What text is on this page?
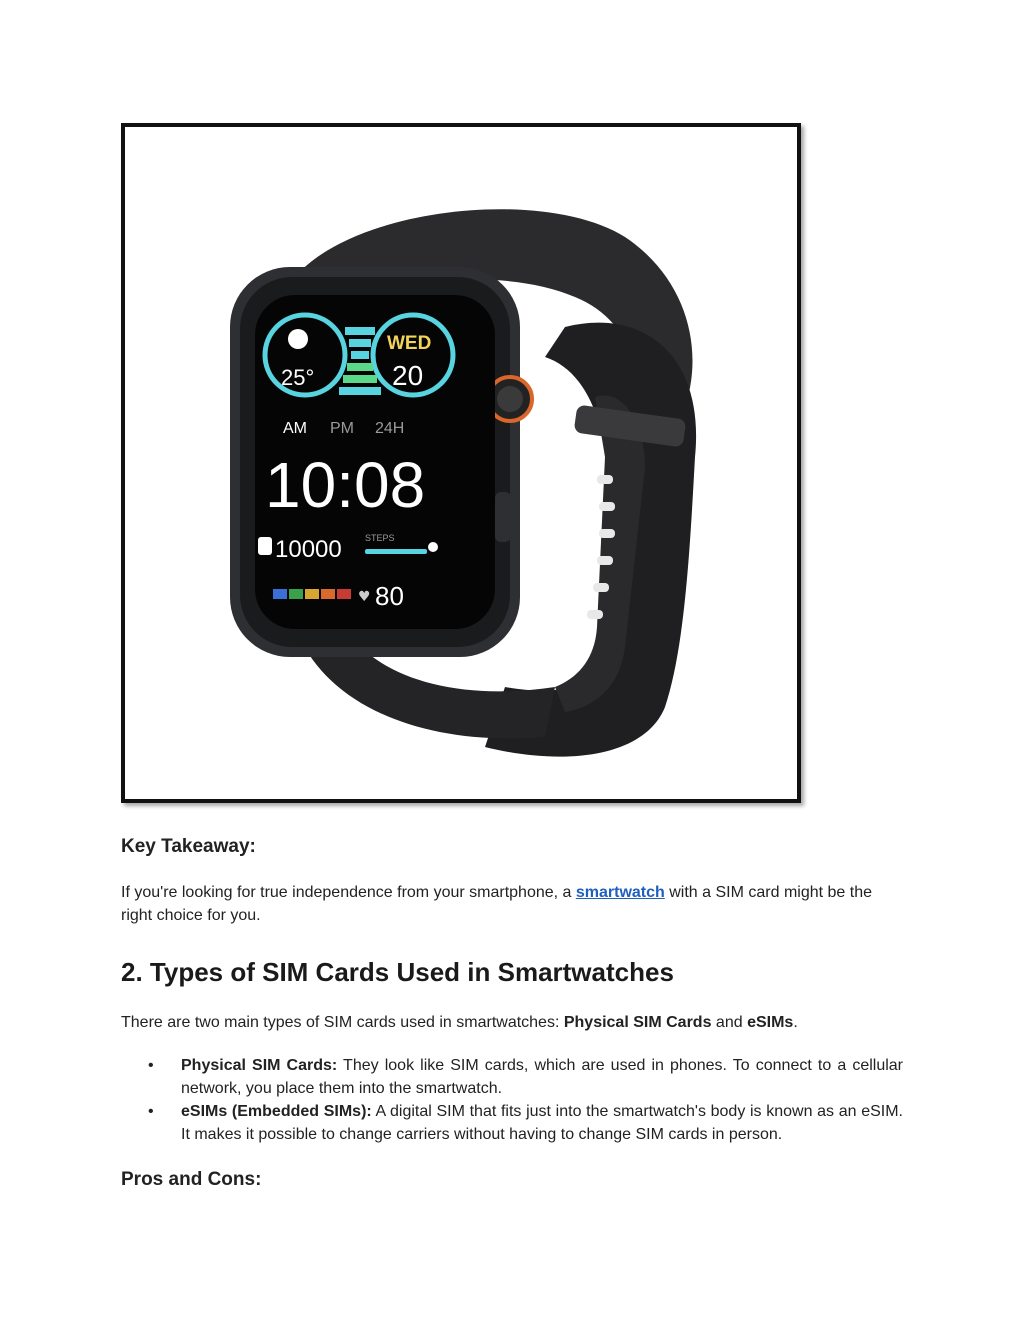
25°
WED
20
AM PM 24H
10:08
10000	STEPS
♥ 80
Key Takeaway:

If you're looking for true independence from your smartphone, a smartwatch with a SIM card might be the right choice for you.

2. Types of SIM Cards Used in Smartwatches

There are two main types of SIM cards used in smartwatches: Physical SIM Cards and eSIMs.

• Physical SIM Cards: They look like SIM cards, which are used in phones. To connect to a cellular network, you place them into the smartwatch.
• eSIMs (Embedded SIMs): A digital SIM that fits just into the smartwatch's body is known as an eSIM. It makes it possible to change carriers without having to change SIM cards in person.
Pros and Cons:
